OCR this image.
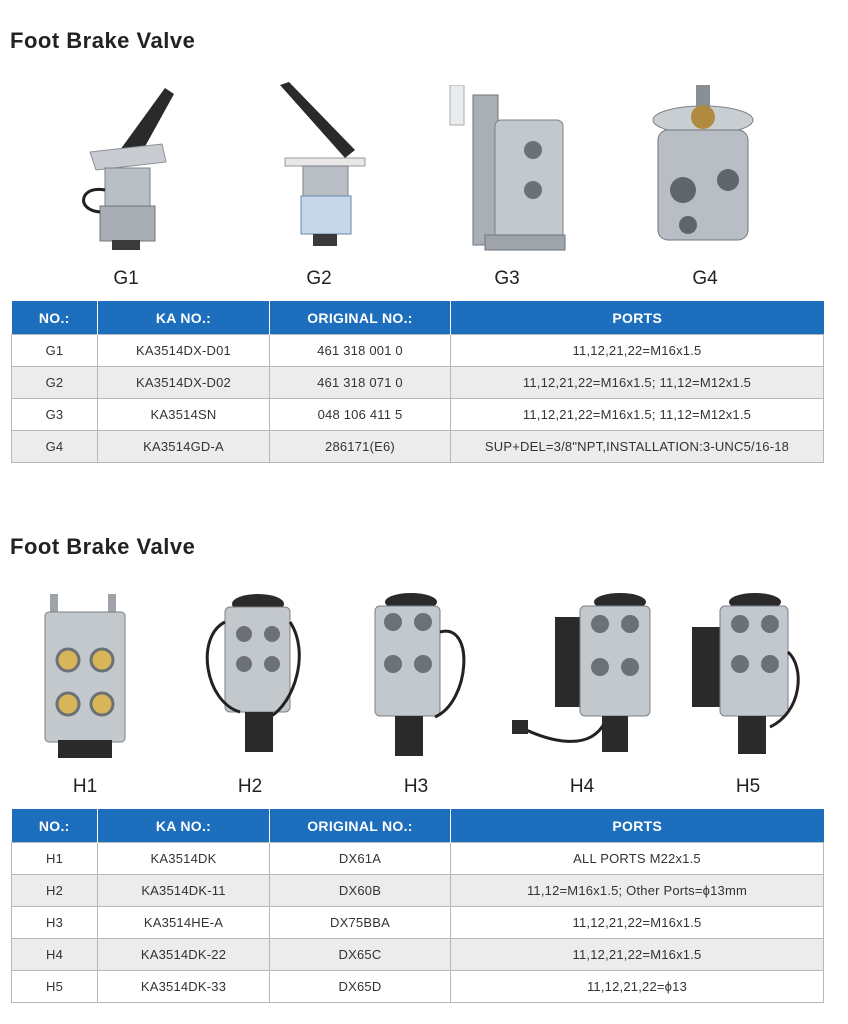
Foot Brake Valve
G1	G2	G3	G4
NO.:	KA NO.:	ORIGINAL NO.:	PORTS
G1	KA3514DX-D01	461 318 001 0	11,12,21,22=M16x1.5
G2	KA3514DX-D02	461 318 071 0	11,12,21,22=M16x1.5; 11,12=M12x1.5
G3	KA3514SN	048 106 411 5	11,12,21,22=M16x1.5; 11,12=M12x1.5
G4	KA3514GD-A	286171(E6)	SUP+DEL=3/8"NPT,INSTALLATION:3-UNC5/16-18
Foot Brake Valve
H1	H2	H3	H4	H5
NO.:	KA NO.:	ORIGINAL NO.:	PORTS
H1	KA3514DK	DX61A	ALL PORTS M22x1.5
H2	KA3514DK-11	DX60B	11,12=M16x1.5; Other Ports=ϕ13mm
H3	KA3514HE-A	DX75BBA	11,12,21,22=M16x1.5
H4	KA3514DK-22	DX65C	11,12,21,22=M16x1.5
H5	KA3514DK-33	DX65D	11,12,21,22=ϕ13
